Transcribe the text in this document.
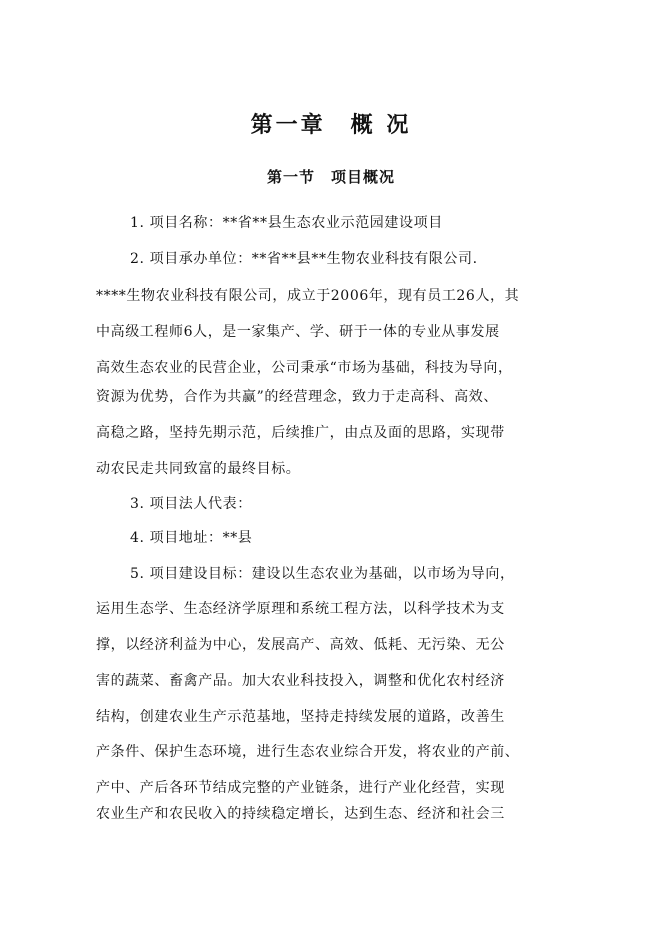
第一章　概 况
第一节　项目概况
1. 项目名称：**省**县生态农业示范园建设项目
2. 项目承办单位：**省**县**生物农业科技有限公司.
****生物农业科技有限公司，成立于2006年，现有员工26人，其
中高级工程师6人，是一家集产、学、研于一体的专业从事发展
高效生态农业的民营企业，公司秉承“市场为基础，科技为导向，
资源为优势，合作为共赢”的经营理念，致力于走高科、高效、
高稳之路，坚持先期示范，后续推广，由点及面的思路，实现带
动农民走共同致富的最终目标。
3. 项目法人代表：
4. 项目地址：**县
5. 项目建设目标：建设以生态农业为基础，以市场为导向，
运用生态学、生态经济学原理和系统工程方法，以科学技术为支
撑，以经济利益为中心，发展高产、高效、低耗、无污染、无公
害的蔬菜、畜禽产品。加大农业科技投入，调整和优化农村经济
结构，创建农业生产示范基地，坚持走持续发展的道路，改善生
产条件、保护生态环境，进行生态农业综合开发，将农业的产前、
产中、产后各环节结成完整的产业链条，进行产业化经营，实现
农业生产和农民收入的持续稳定增长，达到生态、经济和社会三
